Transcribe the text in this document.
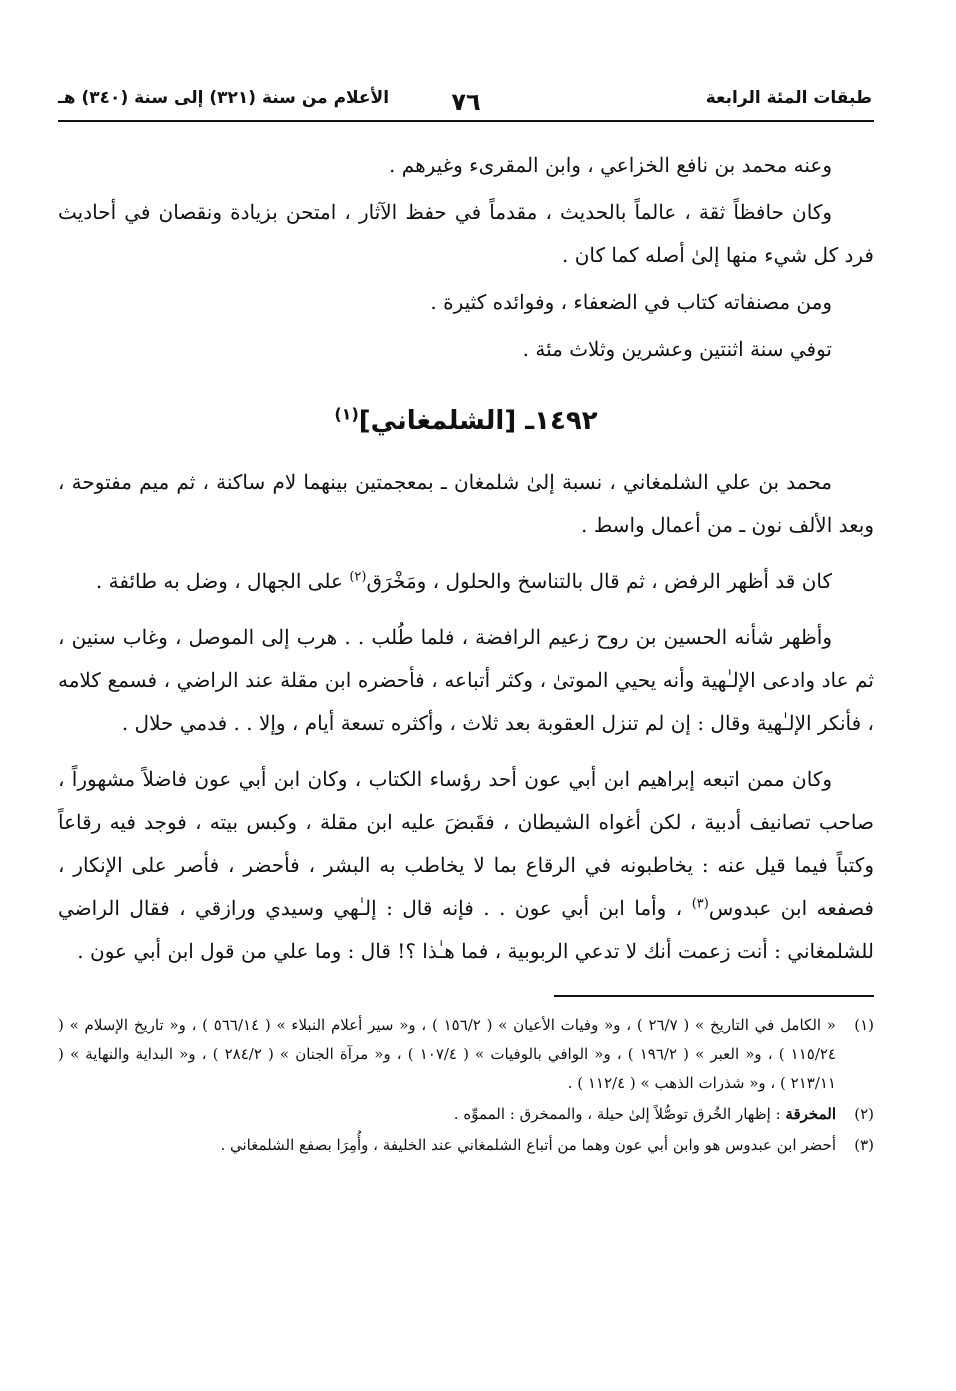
طبقات المئة الرابعة
٧٦
الأعلام من سنة (٣٢١) إلى سنة (٣٤٠) هـ

وعنه محمد بن نافع الخزاعي ، وابن المقرىء وغيرهم .

وكان حافظاً ثقة ، عالماً بالحديث ، مقدماً في حفظ الآثار ، امتحن بزيادة ونقصان في أحاديث فرد كل شيء منها إلىٰ أصله كما كان .

ومن مصنفاته كتاب في الضعفاء ، وفوائده كثيرة .

توفي سنة اثنتين وعشرين وثلاث مئة .

١٤٩٢ـ [الشلمغاني]$^{(١)}$

محمد بن علي الشلمغاني ، نسبة إلىٰ شلمغان ـ بمعجمتين بينهما لام ساكنة ، ثم ميم مفتوحة ، وبعد الألف نون ـ من أعمال واسط .

كان قد أظهر الرفض ، ثم قال بالتناسخ والحلول ، ومَخْرَق$^{(٢)}$ على الجهال ، وضل به طائفة .

وأظهر شأنه الحسين بن روح زعيم الرافضة ، فلما طُلب . . هرب إلى الموصل ، وغاب سنين ، ثم عاد وادعى الإلـٰهية وأنه يحيي الموتىٰ ، وكثر أتباعه ، فأحضره ابن مقلة عند الراضي ، فسمع كلامه ، فأنكر الإلـٰهية وقال : إن لم تنزل العقوبة بعد ثلاث ، وأكثره تسعة أيام ، وإلا . . فدمي حلال .

وكان ممن اتبعه إبراهيم ابن أبي عون أحد رؤساء الكتاب ، وكان ابن أبي عون فاضلاً مشهوراً ، صاحب تصانيف أدبية ، لكن أغواه الشيطان ، فقَبضَ عليه ابن مقلة ، وكبس بيته ، فوجد فيه رقاعاً وكتباً فيما قيل عنه : يخاطبونه في الرقاع بما لا يخاطب به البشر ، فأحضر ، فأصر على الإنكار ، فصفعه ابن عبدوس$^{(٣)}$ ، وأما ابن أبي عون . . فإنه قال : إلـٰهي وسيدي ورازقي ، فقال الراضي للشلمغاني : أنت زعمت أنك لا تدعي الربوبية ، فما هـٰذا ؟! قال : وما علي من قول ابن أبي عون .

(١)
« الكامل في التاريخ » ( ٢٦/٧ ) ، و« وفيات الأعيان » ( ١٥٦/٢ ) ، و« سير أعلام النبلاء » ( ٥٦٦/١٤ ) ، و« تاريخ الإسلام » ( ١١٥/٢٤ ) ، و« العبر » ( ١٩٦/٢ ) ، و« الوافي بالوفيات » ( ١٠٧/٤ ) ، و« مرآة الجنان » ( ٢٨٤/٢ ) ، و« البداية والنهاية » ( ٢١٣/١١ ) ، و« شذرات الذهب » ( ١١٢/٤ ) .
(٢)
المخرقة : إظهار الخُرق توصُّلاً إلىٰ حيلة ، والممخرق : المموِّه .
(٣)
أحضر ابن عبدوس هو وابن أبي عون وهما من أتباع الشلمغاني عند الخليفة ، وأُمِرَا بصفع الشلمغاني .
